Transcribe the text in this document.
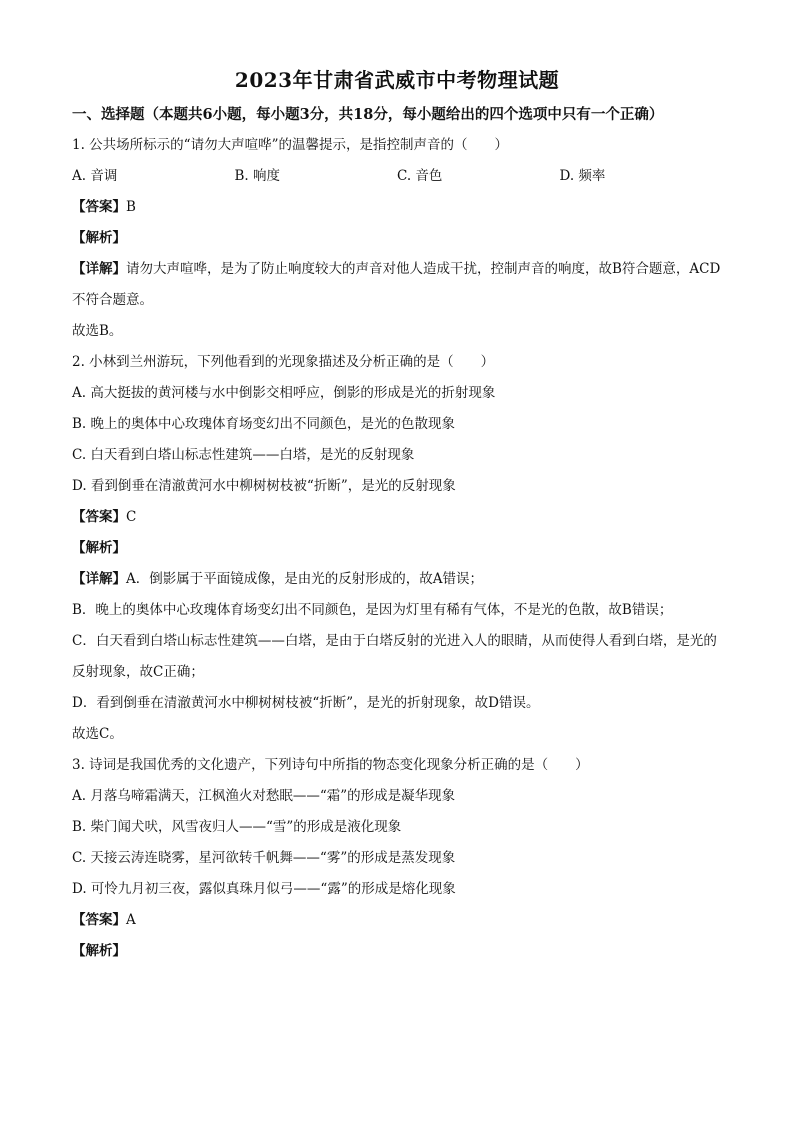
2023年甘肃省武威市中考物理试题
一、选择题（本题共6小题，每小题3分，共18分，每小题给出的四个选项中只有一个正确）
1. 公共场所标示的“请勿大声喧哗”的温馨提示，是指控制声音的（　　）
A. 音调	B. 响度	C. 音色	D. 频率
【答案】B
【解析】
【详解】请勿大声喧哗，是为了防止响度较大的声音对他人造成干扰，控制声音的响度，故B符合题意，ACD不符合题意。
故选B。
2. 小林到兰州游玩，下列他看到的光现象描述及分析正确的是（　　）
A. 高大挺拔的黄河楼与水中倒影交相呼应，倒影的形成是光的折射现象
B. 晚上的奥体中心玫瑰体育场变幻出不同颜色，是光的色散现象
C. 白天看到白塔山标志性建筑——白塔，是光的反射现象
D. 看到倒垂在清澈黄河水中柳树树枝被“折断”，是光的反射现象
【答案】C
【解析】
【详解】A．倒影属于平面镜成像，是由光的反射形成的，故A错误；
B．晚上的奥体中心玫瑰体育场变幻出不同颜色，是因为灯里有稀有气体，不是光的色散，故B错误；
C．白天看到白塔山标志性建筑——白塔，是由于白塔反射的光进入人的眼睛，从而使得人看到白塔，是光的反射现象，故C正确；
D．看到倒垂在清澈黄河水中柳树树枝被“折断”，是光的折射现象，故D错误。
故选C。
3. 诗词是我国优秀的文化遗产，下列诗句中所指的物态变化现象分析正确的是（　　）
A. 月落乌啼霜满天，江枫渔火对愁眠——“霜”的形成是凝华现象
B. 柴门闻犬吠，风雪夜归人——“雪”的形成是液化现象
C. 天接云涛连晓雾，星河欲转千帆舞——“雾”的形成是蒸发现象
D. 可怜九月初三夜，露似真珠月似弓——“露”的形成是熔化现象
【答案】A
【解析】
